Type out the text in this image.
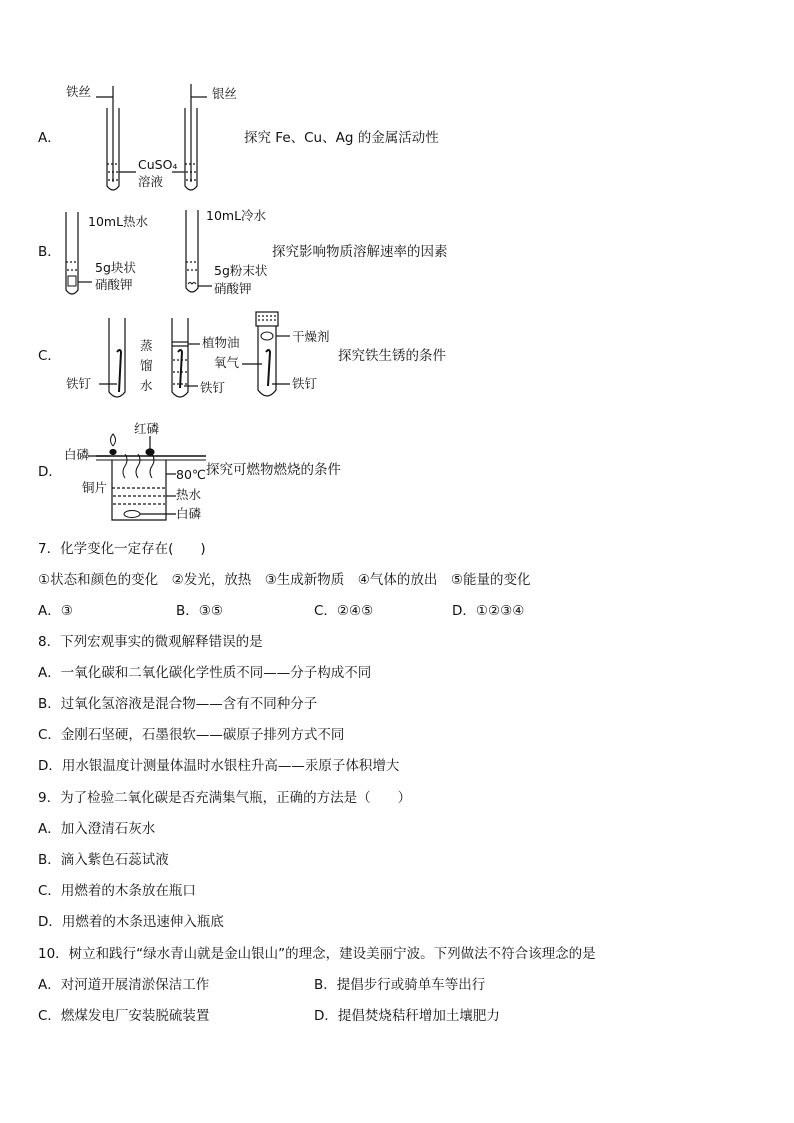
A．
铁丝	银丝
CuSO₄
溶液
探究 Fe、Cu、Ag 的金属活动性
B．
10mL热水	10mL冷水
5g块状
硝酸钾
5g粉末状
硝酸钾
探究影响物质溶解速率的因素
C．
蒸
馏
水
植物油	干燥剂
氧气
铁钉	铁钉	铁钉
探究铁生锈的条件
D．
红磷
白磷
铜片
80℃
热水
白磷
探究可燃物燃烧的条件
7．化学变化一定存在(　　)
①状态和颜色的变化　②发光，放热　③生成新物质　④气体的放出　⑤能量的变化
A．③	B．③⑤	C．②④⑤	D．①②③④
8．下列宏观事实的微观解释错误的是
A．一氧化碳和二氧化碳化学性质不同——分子构成不同
B．过氧化氢溶液是混合物——含有不同种分子
C．金刚石坚硬，石墨很软——碳原子排列方式不同
D．用水银温度计测量体温时水银柱升高——汞原子体积增大
9．为了检验二氧化碳是否充满集气瓶，正确的方法是（　　）
A．加入澄清石灰水
B．滴入紫色石蕊试液
C．用燃着的木条放在瓶口
D．用燃着的木条迅速伸入瓶底
10．树立和践行“绿水青山就是金山银山”的理念，建设美丽宁波。下列做法不符合该理念的是
A．对河道开展清淤保洁工作	B．提倡步行或骑单车等出行
C．燃煤发电厂安装脱硫装置	D．提倡焚烧秸秆增加土壤肥力
